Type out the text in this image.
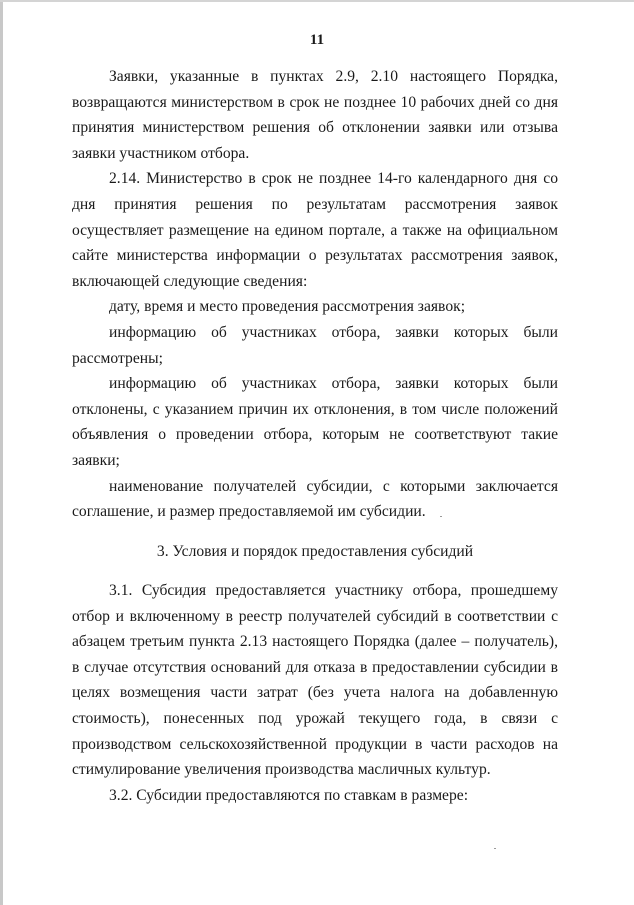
11

Заявки, указанные в пунктах 2.9, 2.10 настоящего Порядка, возвращаются министерством в срок не позднее 10 рабочих дней со дня принятия министерством решения об отклонении заявки или отзыва заявки участником отбора.

2.14. Министерство в срок не позднее 14-го календарного дня со дня принятия решения по результатам рассмотрения заявок осуществляет размещение на едином портале, а также на официальном сайте министерства информации о результатах рассмотрения заявок, включающей следующие сведения:

дату, время и место проведения рассмотрения заявок;

информацию об участниках отбора, заявки которых были рассмотрены;

информацию об участниках отбора, заявки которых были отклонены, с указанием причин их отклонения, в том числе положений объявления о проведении отбора, которым не соответствуют такие заявки;

наименование получателей субсидии, с которыми заключается соглашение, и размер предоставляемой им субсидии.

3. Условия и порядок предоставления субсидий

3.1. Субсидия предоставляется участнику отбора, прошедшему отбор и включенному в реестр получателей субсидий в соответствии с абзацем третьим пункта 2.13 настоящего Порядка (далее – получатель), в случае отсутствия оснований для отказа в предоставлении субсидии в целях возмещения части затрат (без учета налога на добавленную стоимость), понесенных под урожай текущего года, в связи с производством сельскохозяйственной продукции в части расходов на стимулирование увеличения производства масличных культур.

3.2. Субсидии предоставляются по ставкам в размере:
